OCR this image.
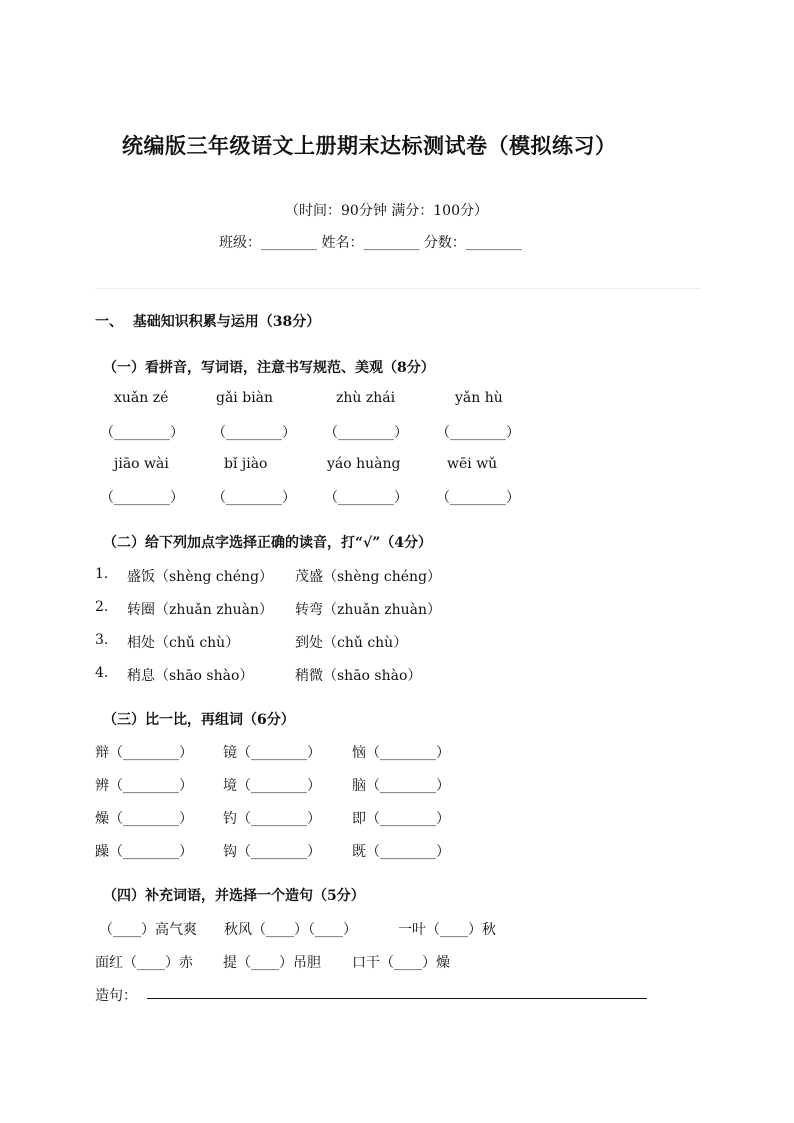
统编版三年级语文上册期末达标测试卷（模拟练习）
（时间：90分钟 满分：100分）
班级：________ 姓名：________ 分数：________
一、  基础知识积累与运用（38分）
（一）看拼音，写词语，注意书写规范、美观（8分）
xuǎn zé	gǎi biàn	zhù zhái	yǎn hù
（________） （________） （________） （________）
jiāo wài	bǐ jiào	yáo huàng	wēi wǔ
（________） （________） （________） （________）
（二）给下列加点字选择正确的读音，打“√”（4分）
1. 盛饭（shèng chéng） 茂盛（shèng chéng）
2. 转圈（zhuǎn zhuàn） 转弯（zhuǎn zhuàn）
3. 相处（chǔ chù）	到处（chǔ chù）
4. 稍息（shāo shào）	稍微（shāo shào）
（三）比一比，再组词（6分）
辩（________） 镜（________） 恼（________）
辨（________） 境（________） 脑（________）
燥（________） 钓（________） 即（________）
躁（________） 钩（________） 既（________）
（四）补充词语，并选择一个造句（5分）
（____）高气爽 秋风（____）（____）	一叶（____）秋
面红（____）赤 提（____）吊胆 口干（____）燥
造句：
